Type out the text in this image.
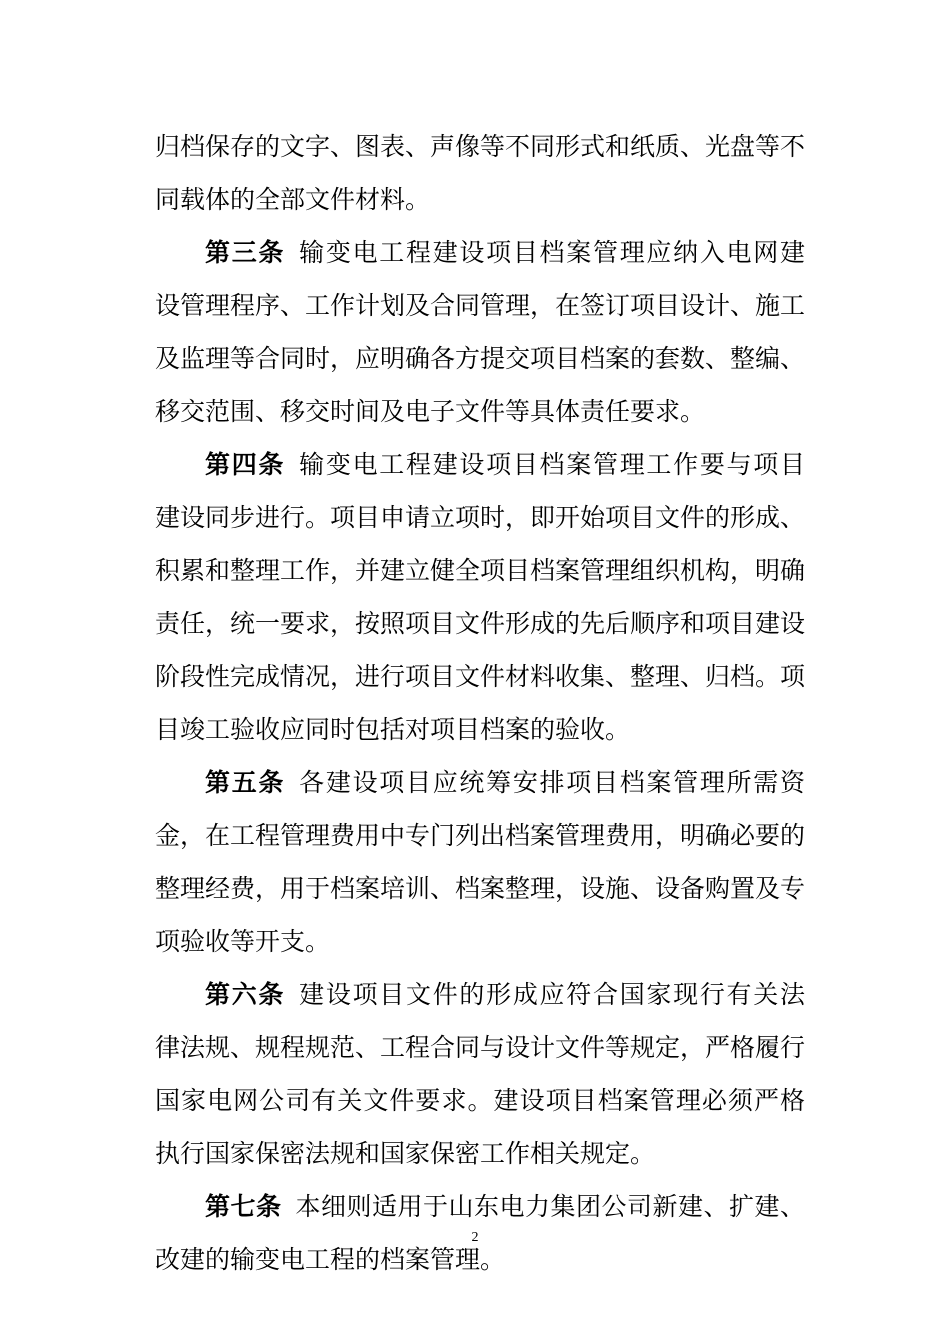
归档保存的文字、图表、声像等不同形式和纸质、光盘等不
同载体的全部文件材料。
第三条 输变电工程建设项目档案管理应纳入电网建
设管理程序、工作计划及合同管理，在签订项目设计、施工
及监理等合同时，应明确各方提交项目档案的套数、整编、
移交范围、移交时间及电子文件等具体责任要求。
第四条 输变电工程建设项目档案管理工作要与项目
建设同步进行。项目申请立项时，即开始项目文件的形成、
积累和整理工作，并建立健全项目档案管理组织机构，明确
责任，统一要求，按照项目文件形成的先后顺序和项目建设
阶段性完成情况，进行项目文件材料收集、整理、归档。项
目竣工验收应同时包括对项目档案的验收。
第五条 各建设项目应统筹安排项目档案管理所需资
金，在工程管理费用中专门列出档案管理费用，明确必要的
整理经费，用于档案培训、档案整理，设施、设备购置及专
项验收等开支。
第六条 建设项目文件的形成应符合国家现行有关法
律法规、规程规范、工程合同与设计文件等规定，严格履行
国家电网公司有关文件要求。建设项目档案管理必须严格
执行国家保密法规和国家保密工作相关规定。
第七条 本细则适用于山东电力集团公司新建、扩建、
改建的输变电工程的档案管理。
2
